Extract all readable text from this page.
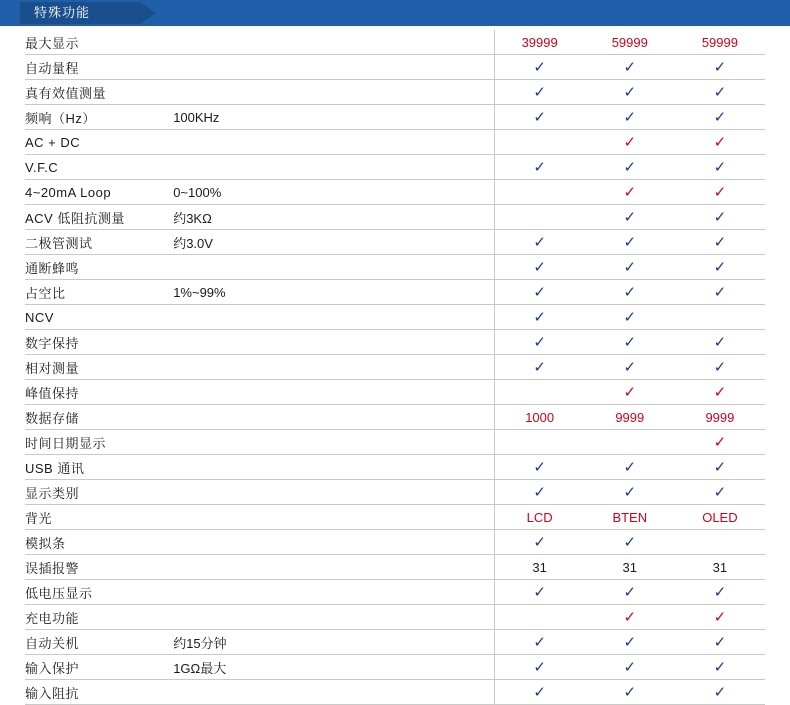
特殊功能
最大显示			39999	59999	59999
自动量程			✓	✓	✓
真有效值测量			✓	✓	✓
频响（Hz）	100KHz		✓	✓	✓
AC + DC				✓	✓
V.F.C			✓	✓	✓
4~20mA Loop	0~100%			✓	✓
ACV 低阻抗测量	约3KΩ			✓	✓
二极管测试	约3.0V		✓	✓	✓
通断蜂鸣			✓	✓	✓
占空比	1%~99%		✓	✓	✓
NCV			✓	✓	
数字保持			✓	✓	✓
相对测量			✓	✓	✓
峰值保持				✓	✓
数据存储			1000	9999	9999
时间日期显示					✓
USB 通讯			✓	✓	✓
显示类别			✓	✓	✓
背光			LCD	BTEN	OLED
模拟条			✓	✓	
误插报警			31	31	31
低电压显示			✓	✓	✓
充电功能				✓	✓
自动关机	约15分钟		✓	✓	✓
输入保护	1GΩ最大		✓	✓	✓
输入阻抗			✓	✓	✓
